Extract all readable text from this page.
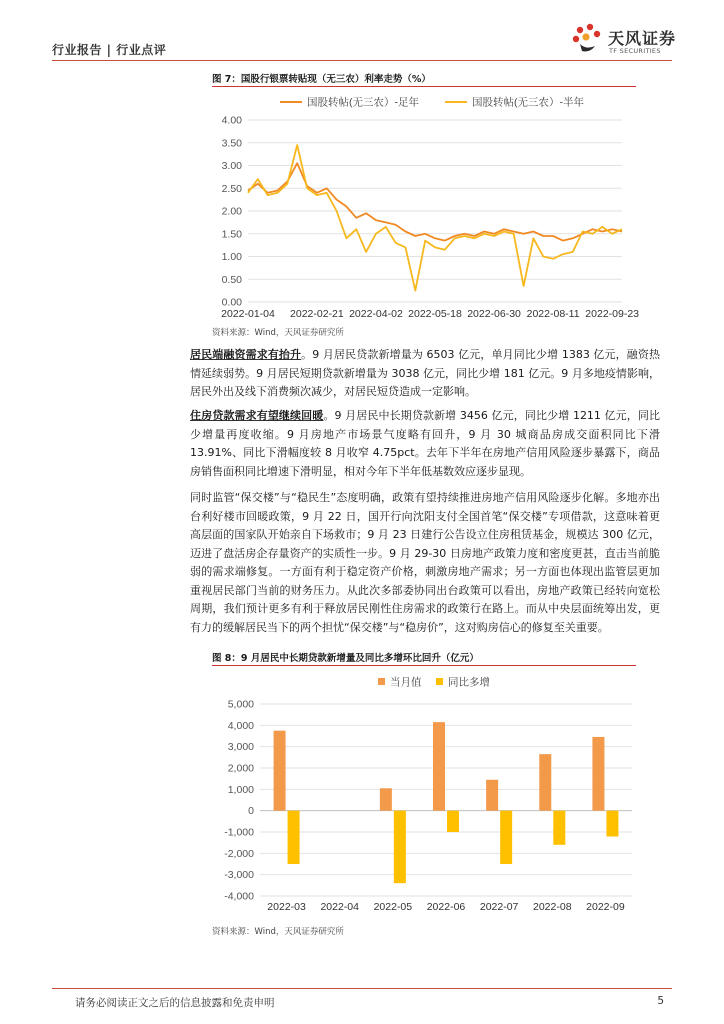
行业报告 | 行业点评
天风证券
TF SECURITIES
图 7：国股行银票转贴现（无三农）利率走势（%）
0.00
0.50
1.00
1.50
2.00
2.50
3.00
3.50
4.00
2022-01-04 2022-02-21 2022-04-02 2022-05-18 2022-06-30 2022-08-11 2022-09-23
国股转帖(无三农）-足年	国股转帖(无三农）-半年
资料来源：Wind，天风证券研究所

居民端融资需求有抬升。9 月居民贷款新增量为 6503 亿元，单月同比少增 1383 亿元，融资热情延续弱势。9 月居民短期贷款新增量为 3038 亿元，同比少增 181 亿元。9 月多地疫情影响，居民外出及线下消费频次减少，对居民短贷造成一定影响。

住房贷款需求有望继续回暖。9 月居民中长期贷款新增 3456 亿元，同比少增 1211 亿元，同比少增量再度收缩。9 月房地产市场景气度略有回升，9 月 30 城商品房成交面积同比下滑 13.91%、同比下滑幅度较 8 月收窄 4.75pct。去年下半年在房地产信用风险逐步暴露下，商品房销售面积同比增速下滑明显，相对今年下半年低基数效应逐步显现。

同时监管“保交楼”与“稳民生”态度明确，政策有望持续推进房地产信用风险逐步化解。多地亦出台利好楼市回暖政策，9 月 22 日，国开行向沈阳支付全国首笔“保交楼”专项借款，这意味着更高层面的国家队开始亲自下场救市；9 月 23 日建行公告设立住房租赁基金，规模达 300 亿元，迈进了盘活房企存量资产的实质性一步。9 月 29-30 日房地产政策力度和密度更甚，直击当前脆弱的需求端修复。一方面有利于稳定资产价格，刺激房地产需求；另一方面也体现出监管层更加重视居民部门当前的财务压力。从此次多部委协同出台政策可以看出，房地产政策已经转向宽松周期，我们预计更多有利于释放居民刚性住房需求的政策行在路上。而从中央层面统筹出发，更有力的缓解居民当下的两个担忧“保交楼”与“稳房价”，这对购房信心的修复至关重要。

图 8：9 月居民中长期贷款新增量及同比多增环比回升（亿元）
5,000
4,000
3,000
2,000
1,000
0
-1,000
-2,000
-3,000
-4,000
2022-03 2022-04 2022-05 2022-06 2022-07 2022-08 2022-09
当月值	同比多增
资料来源：Wind，天风证券研究所
请务必阅读正文之后的信息披露和免责申明	5
